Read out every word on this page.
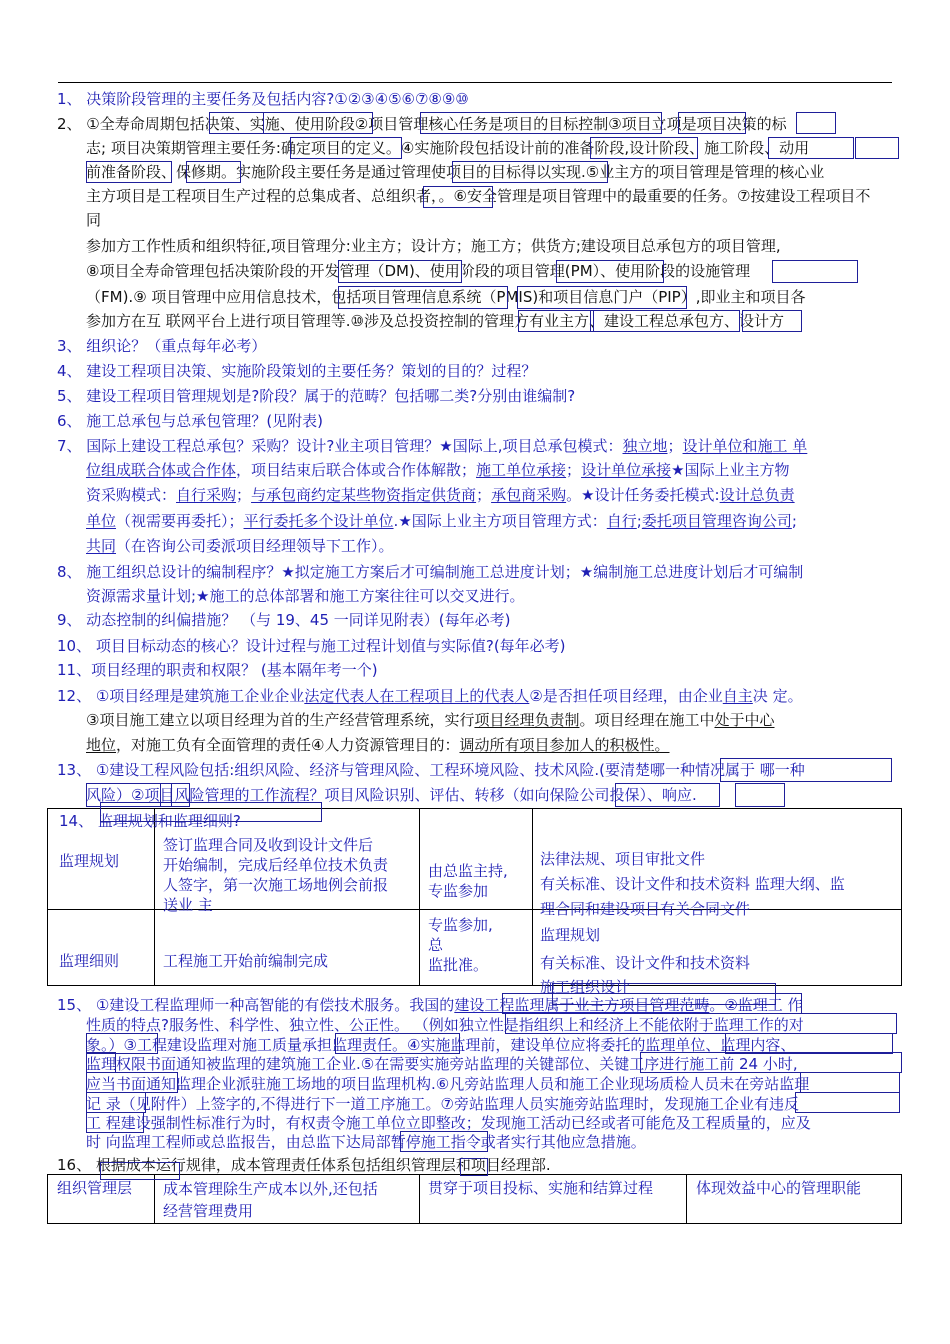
1、 决策阶段管理的主要任务及包括内容?①②③④⑤⑥⑦⑧⑨⑩
2、 ①全寿命周期包括决策、实施、使用阶段②项目管理核心任务是项目的目标控制③项目立项是项目决策的标
志; 项目决策期管理主要任务:确定项目的定义。④实施阶段包括设计前的准备阶段,设计阶段、施工阶段、动用
前准备阶段、保修期。实施阶段主要任务是通过管理使项目的目标得以实现.⑤业主方的项目管理是管理的核心业
主方项目是工程项目生产过程的总集成者、总组织者，。⑥安全管理是项目管理中的最重要的任务。⑦按建设工程项目不
同
参加方工作性质和组织特征,项目管理分:业主方；设计方；施工方；供货方;建设项目总承包方的项目管理,
⑧项目全寿命管理包括决策阶段的开发管理（DM)、使用阶段的项目管理(PM）、使用阶段的设施管理
（FM).⑨ 项目管理中应用信息技术，包括项目管理信息系统（PMIS)和项目信息门户（PIP）,即业主和项目各
参加方在互 联网平台上进行项目管理等.⑩涉及总投资控制的管理方有业主方、建设工程总承包方、设计方
3、 组织论？（重点每年必考）
4、 建设工程项目决策、实施阶段策划的主要任务？策划的目的？过程？
5、 建设工程项目管理规划是?阶段？属于的范畴？包括哪二类?分别由谁编制?
6、 施工总承包与总承包管理？(见附表)
7、 国际上建设工程总承包？采购？设计?业主项目管理？★国际上,项目总承包模式：独立地；设计单位和施工 单
位组成联合体或合作体，项目结束后联合体或合作体解散；施工单位承接；设计单位承接★国际上业主方物
资采购模式：自行采购；与承包商约定某些物资指定供货商；承包商采购。★设计任务委托模式:设计总负责
单位（视需要再委托）；平行委托多个设计单位.★国际上业主方项目管理方式：自行;委托项目管理咨询公司;
共同（在咨询公司委派项目经理领导下工作）。
8、 施工组织总设计的编制程序？★拟定施工方案后才可编制施工总进度计划；★编制施工总进度计划后才可编制
资源需求量计划;★施工的总体部署和施工方案往往可以交叉进行。
9、 动态控制的纠偏措施？ （与 19、45 一同详见附表）(每年必考)
10、 项目目标动态的核心？设计过程与施工过程计划值与实际值?(每年必考)
11、项目经理的职责和权限？ (基本隔年考一个)
12、 ①项目经理是建筑施工企业企业法定代表人在工程项目上的代表人②是否担任项目经理，由企业自主决 定。
③项目施工建立以项目经理为首的生产经营管理系统，实行项目经理负责制。项目经理在施工中处于中心
地位，对施工负有全面管理的责任④人力资源管理目的：调动所有项目参加人的积极性。
13、 ①建设工程风险包括:组织风险、经济与管理风险、工程环境风险、技术风险.(要清楚哪一种情况属于 哪一种
风险）②项目风险管理的工作流程？项目风险识别、评估、转移（如向保险公司投保）、响应.
15、 ①建设工程监理师一种高智能的有偿技术服务。我国的建设工程监理属于业主方项目管理范畴。②监理工 作
性质的特点?服务性、科学性、独立性、公正性。 （例如独立性是指组织上和经济上不能依附于监理工作的对
象。）③工程建设监理对施工质量承担监理责任。④实施监理前，建设单位应将委托的监理单位、监理内容、
监理权限书面通知被监理的建筑施工企业.⑤在需要实施旁站监理的关键部位、关键工序进行施工前 24 小时,
应当书面通知监理企业派驻施工场地的项目监理机构.⑥凡旁站监理人员和施工企业现场质检人员未在旁站监理
记 录（见附件）上签字的,不得进行下一道工序施工。⑦旁站监理人员实施旁站监理时，发现施工企业有违反
工 程建设强制性标准行为时，有权责令施工单位立即整改；发现施工活动已经或者可能危及工程质量的，应及
时 向监理工程师或总监报告，由总监下达局部暂停施工指令或者实行其他应急措施。
16、 根据成本运行规律，成本管理责任体系包括组织管理层和项目经理部.
14、 监理规划和监理细则?
监理规划
签订监理合同及收到设计文件后
开始编制，完成后经单位技术负责
人签字，第一次施工场地例会前报
送业 主
由总监主持,
专监参加
法律法规、项目审批文件
有关标准、设计文件和技术资料 监理大纲、监
理合同和建设项目有关合同文件
监理细则	工程施工开始前编制完成
专监参加,
总
监批准。
监理规划
有关标准、设计文件和技术资料
施工组织设计
组织管理层 成本管理除生产成本以外,还包括
经营管理费用
贯穿于项目投标、实施和结算过程	体现效益中心的管理职能
